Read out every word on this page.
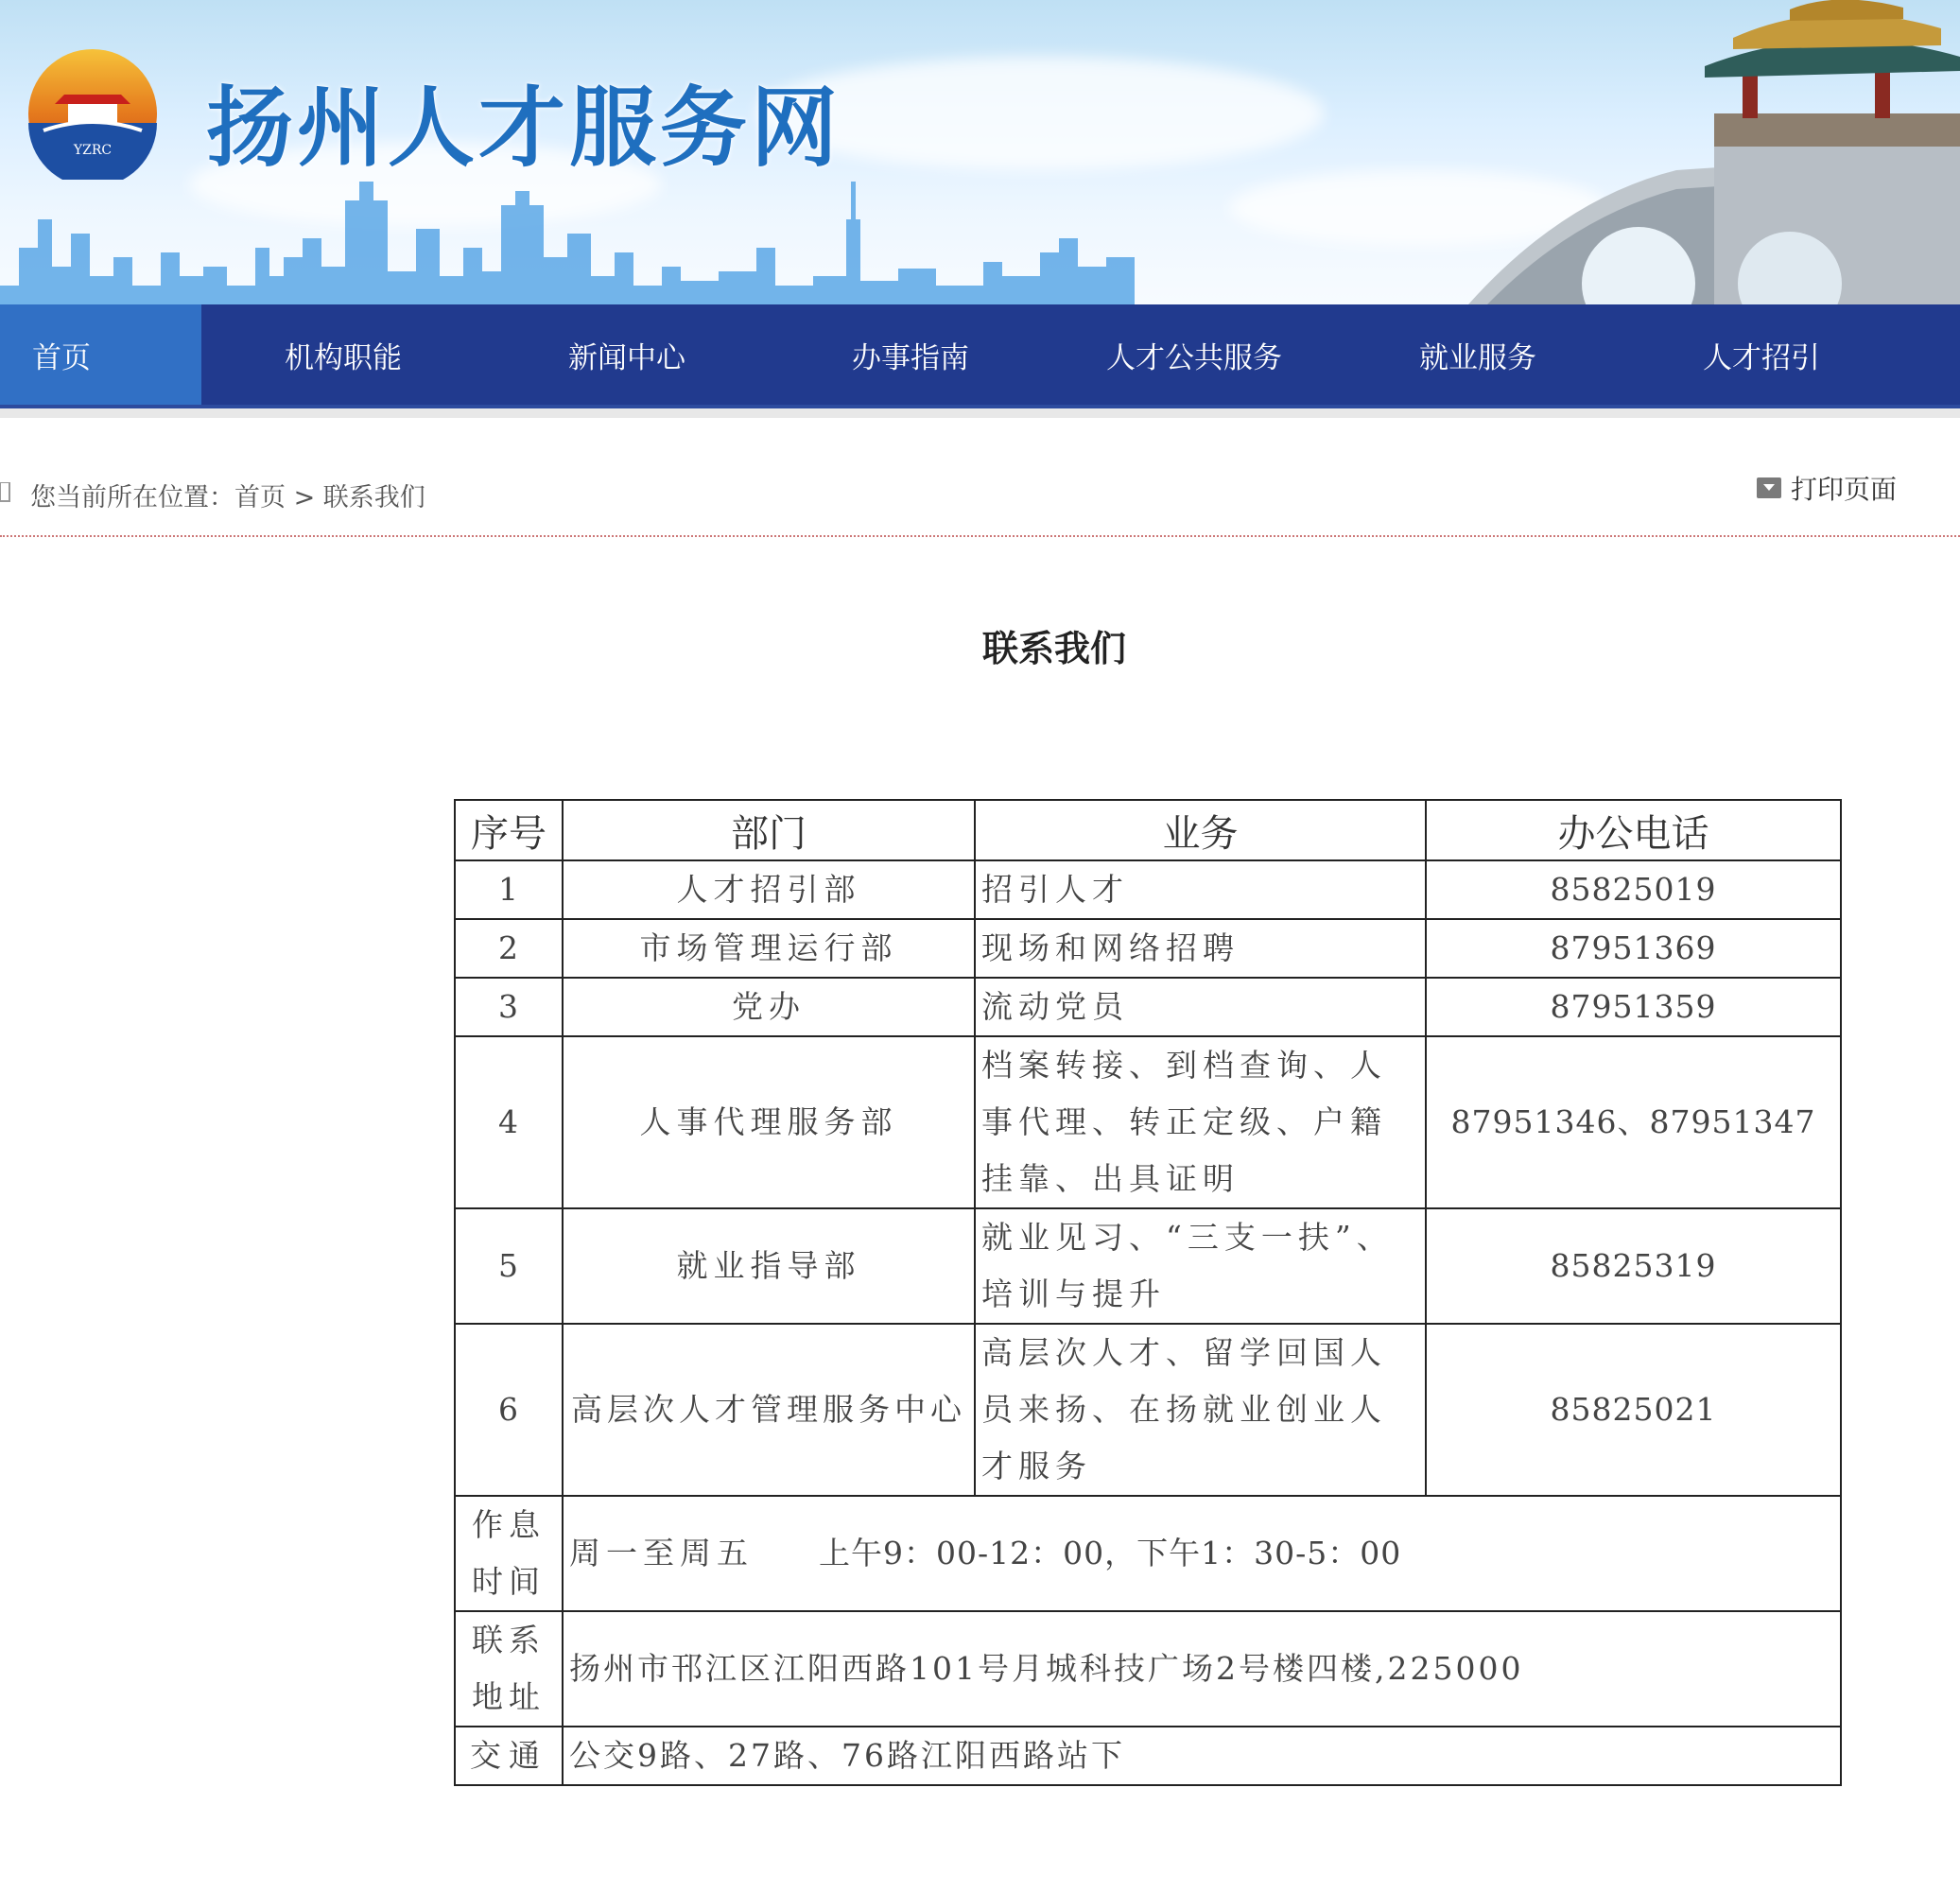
YZRC 扬州人才服务网
首页	机构职能	新闻中心	办事指南	人才公共服务	就业服务	人才招引
您当前所在位置：首页 > 联系我们	打印页面
联系我们
序号	部门	业务	办公电话
1	人才招引部	招引人才	85825019
2	市场管理运行部	现场和网络招聘	87951369
3	党办	流动党员	87951359
4	人事代理服务部	档案转接、到档查询、人事代理、转正定级、户籍挂靠、出具证明	87951346、87951347
5	就业指导部	就业见习、“三支一扶”、培训与提升	85825319
6	高层次人才管理服务中心	高层次人才、留学回国人员来扬、在扬就业创业人才服务	85825021
作息时间	周一至周五 上午9：00-12：00，下午1：30-5：00		
联系地址	扬州市邗江区江阳西路101号月城科技广场2号楼四楼,225000		
交通	公交9路、27路、76路江阳西路站下		
